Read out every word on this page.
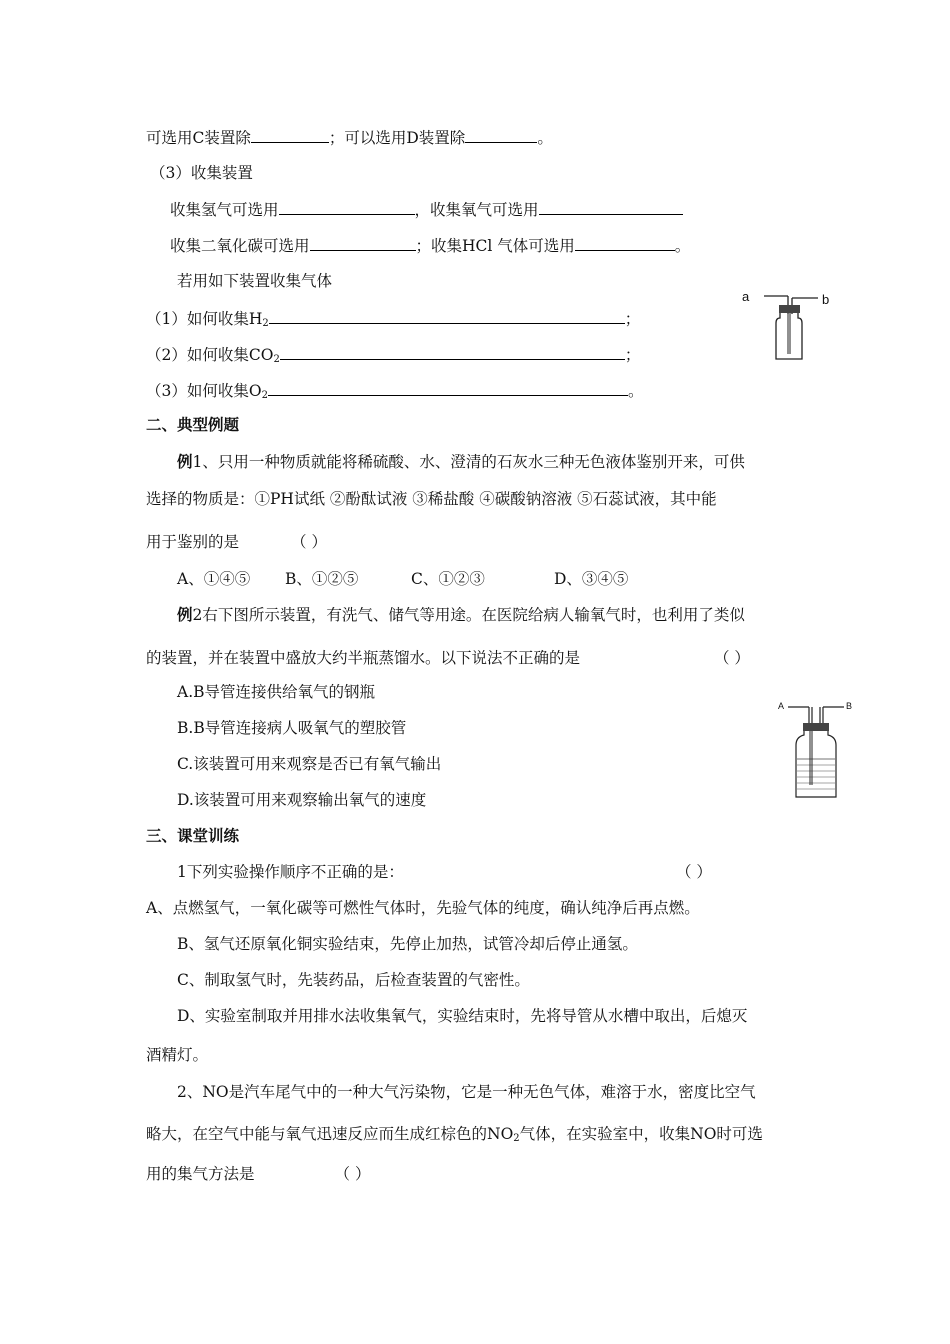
可选用C装置除	；可以选用D装置除	。
（3）收集装置
收集氢气可选用	，收集氧气可选用
收集二氧化碳可选用	；收集HCl 气体可选用	。
若用如下装置收集气体
（1）如何收集$H_2$	；
（2）如何收集$CO_2$	；
（3）如何收集$O_2$	。
a	b
二、典型例题
例1、只用一种物质就能将稀硫酸、水、澄清的石灰水三种无色液体鉴别开来，可供
选择的物质是：①PH试纸 ②酚酞试液 ③稀盐酸 ④碳酸钠溶液 ⑤石蕊试液，其中能
用于鉴别的是	（ ）
A、①④⑤ B、①②⑤	C、①②③	D、③④⑤
例2右下图所示装置，有洗气、储气等用途。在医院给病人输氧气时，也利用了类似
的装置，并在装置中盛放大约半瓶蒸馏水。以下说法不正确的是	（ ）
A.B导管连接供给氧气的钢瓶
B.B导管连接病人吸氧气的塑胶管
C.该装置可用来观察是否已有氧气输出
D.该装置可用来观察输出氧气的速度
A	B
三、课堂训练
1下列实验操作顺序不正确的是：	（ ）
A、点燃氢气，一氧化碳等可燃性气体时，先验气体的纯度，确认纯净后再点燃。
B、氢气还原氧化铜实验结束，先停止加热，试管冷却后停止通氢。
C、制取氢气时，先装药品，后检查装置的气密性。
D、实验室制取并用排水法收集氧气，实验结束时，先将导管从水槽中取出，后熄灭
酒精灯。
2、NO是汽车尾气中的一种大气污染物，它是一种无色气体，难溶于水，密度比空气
略大，在空气中能与氧气迅速反应而生成红棕色的$NO_2$气体，在实验室中，收集NO时可选
用的集气方法是	（ ）
